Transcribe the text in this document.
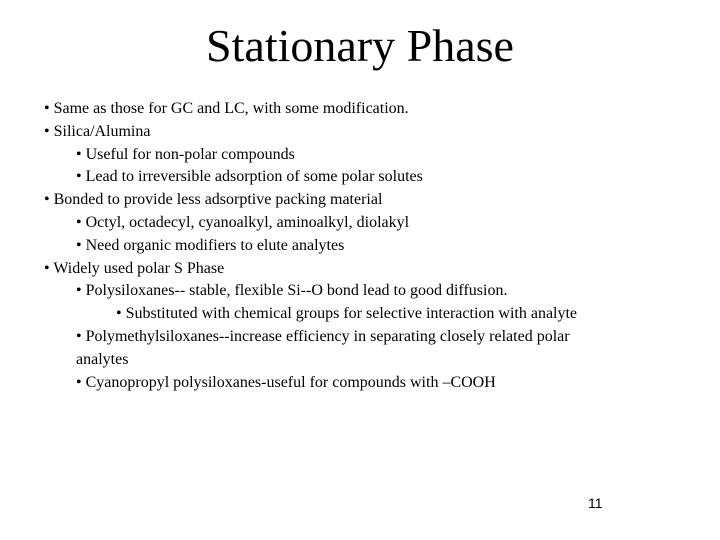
Stationary Phase
• Same as those for GC and LC, with some modification.
• Silica/Alumina
• Useful for non-polar compounds
• Lead to irreversible adsorption of some polar solutes
• Bonded to provide less adsorptive packing material
• Octyl, octadecyl, cyanoalkyl, aminoalkyl, diolakyl
• Need organic modifiers to elute analytes
• Widely used polar S Phase
• Polysiloxanes-- stable, flexible Si--O bond lead to good diffusion.
• Substituted with chemical groups for selective interaction with analyte
• Polymethylsiloxanes--increase efficiency in separating closely related polar
analytes
• Cyanopropyl polysiloxanes-useful for compounds with –COOH
11
